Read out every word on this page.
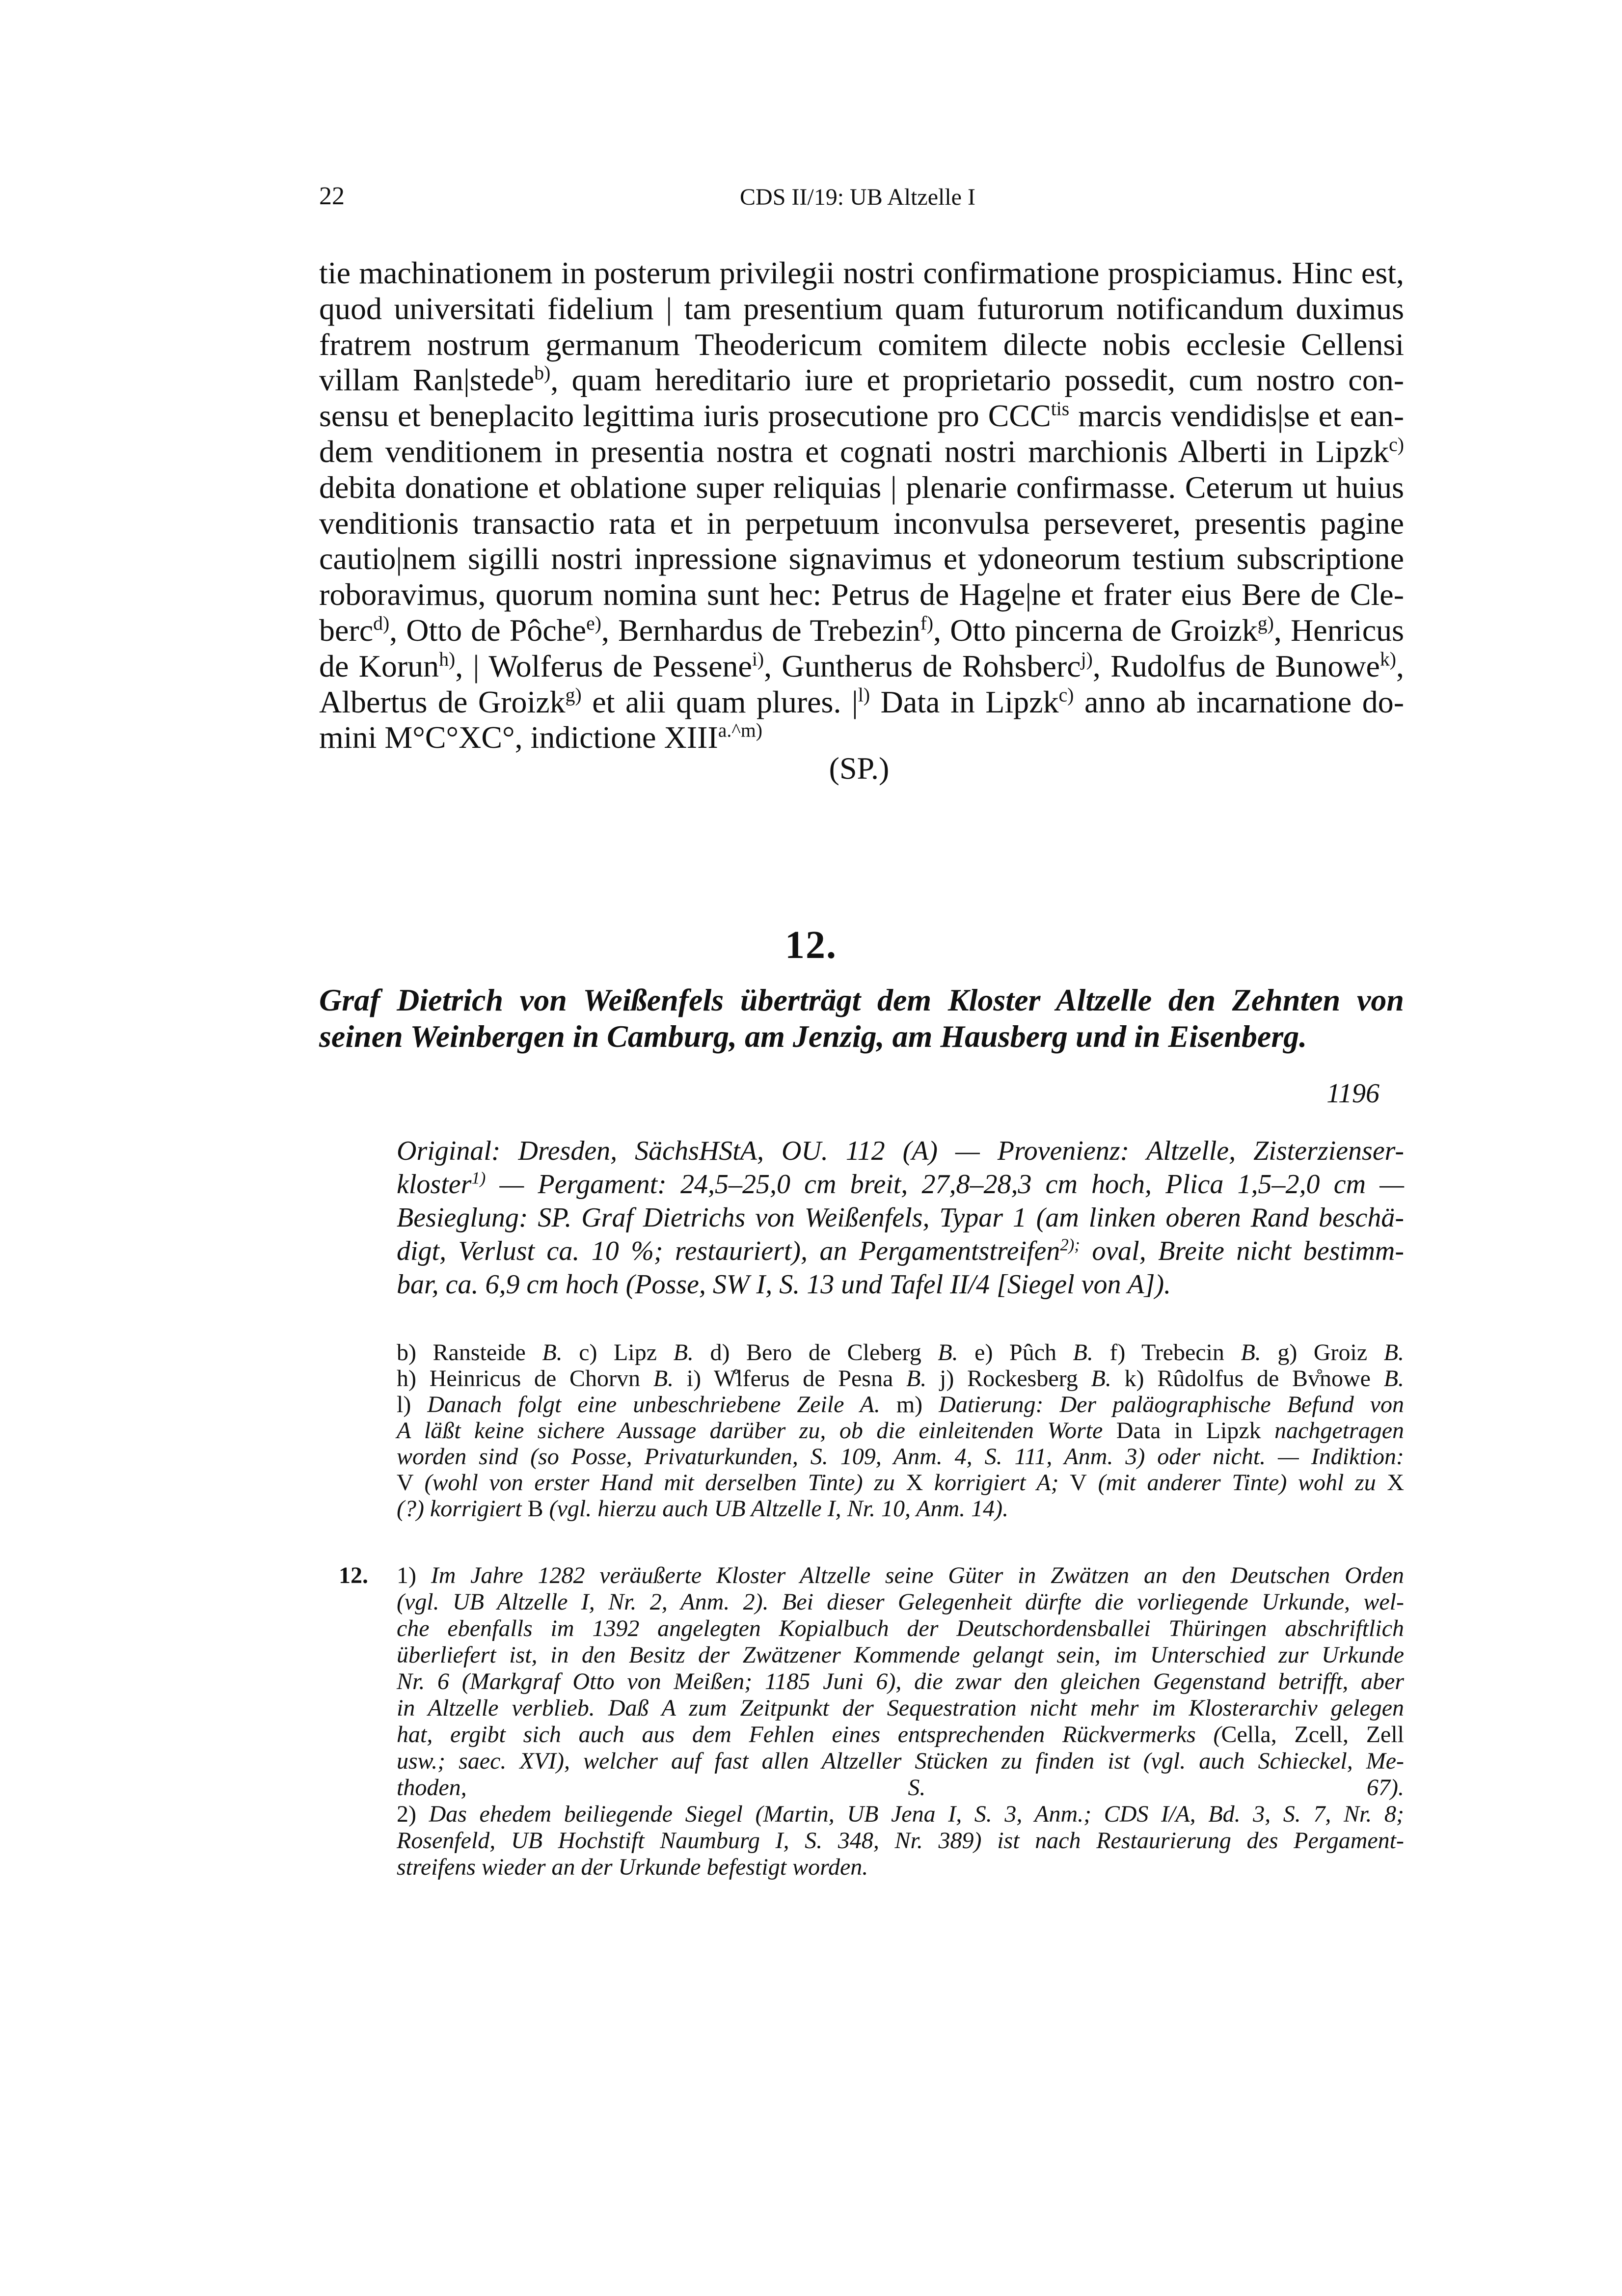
22	CDS II/19: UB Altzelle I
tie machinationem in posterum privilegii nostri confirmatione prospiciamus. Hinc est,
quod universitati fidelium | tam presentium quam futurorum notificandum duximus
fratrem nostrum germanum Theodericum comitem dilecte nobis ecclesie Cellensi
villam Ran|stede$^{b)}$, quam hereditario iure et proprietario possedit, cum nostro con-
sensu et beneplacito legittima iuris prosecutione pro $CCC^{tis}$ marcis vendidis|se et ean-
dem venditionem in presentia nostra et cognati nostri marchionis Alberti in Lipzk$^{c)}$
debita donatione et oblatione super reliquias | plenarie confirmasse. Ceterum ut huius
venditionis transactio rata et in perpetuum inconvulsa perseveret, presentis pagine
cautio|nem sigilli nostri inpressione signavimus et ydoneorum testium subscriptione
roboravimus, quorum nomina sunt hec: Petrus de Hage|ne et frater eius Bere de Cle-
berc$^{d)}$, Otto de Pôche$^{e)}$, Bernhardus de Trebezin$^{f)}$, Otto pincerna de Groizk$^{g)}$, Henricus
de Korun$^{h)}$, | Wolferus de Pessene$^{i)}$, Guntherus de Rohsberc$^{j)}$, Rudolfus de Bunowe$^{k)}$,
Albertus de Groizk$^{g)}$ et alii quam plures. $|^{l)}$ Data in Lipzk$^{c)}$ anno ab incarnatione do-
mini M°C°XC°, indictione $XIII^{a.\^{}m)}$
(SP.)
12.
Graf Dietrich von Weißenfels überträgt dem Kloster Altzelle den Zehnten von
seinen Weinbergen in Camburg, am Jenzig, am Hausberg und in Eisenberg.
1196
Original: Dresden, SächsHStA, OU. 112 (A) — Provenienz: Altzelle, Zisterzienser-
kloster$^{1)}$ — Pergament: 24,5–25,0 cm breit, 27,8–28,3 cm hoch, Plica 1,5–2,0 cm —
Besieglung: SP. Graf Dietrichs von Weißenfels, Typar 1 (am linken oberen Rand beschä-
digt, Verlust ca. 10 %; restauriert), an Pergamentstreifen$^{2);}$ oval, Breite nicht bestimm-
bar, ca. 6,9 cm hoch (Posse, SW I, S. 13 und Tafel II/4 [Siegel von A]).
b) Ransteide B. c) Lipz B. d) Bero de Cleberg B. e) Pûch B. f) Trebecin B. g) Groiz B.
h) Heinricus de Chorvn B. i) W̊lferus de Pesna B. j) Rockesberg B. k) Rûdolfus de Bv̊nowe B.
l) Danach folgt eine unbeschriebene Zeile A. m) Datierung: Der paläographische Befund von
A läßt keine sichere Aussage darüber zu, ob die einleitenden Worte Data in Lipzk nachgetragen
worden sind (so Posse, Privaturkunden, S. 109, Anm. 4, S. 111, Anm. 3) oder nicht. — Indiktion:
V (wohl von erster Hand mit derselben Tinte) zu X korrigiert A; V (mit anderer Tinte) wohl zu X
(?) korrigiert B (vgl. hierzu auch UB Altzelle I, Nr. 10, Anm. 14).
12. 1) Im Jahre 1282 veräußerte Kloster Altzelle seine Güter in Zwätzen an den Deutschen Orden
(vgl. UB Altzelle I, Nr. 2, Anm. 2). Bei dieser Gelegenheit dürfte die vorliegende Urkunde, wel-
che ebenfalls im 1392 angelegten Kopialbuch der Deutschordensballei Thüringen abschriftlich
überliefert ist, in den Besitz der Zwätzener Kommende gelangt sein, im Unterschied zur Urkunde
Nr. 6 (Markgraf Otto von Meißen; 1185 Juni 6), die zwar den gleichen Gegenstand betrifft, aber
in Altzelle verblieb. Daß A zum Zeitpunkt der Sequestration nicht mehr im Klosterarchiv gelegen
hat, ergibt sich auch aus dem Fehlen eines entsprechenden Rückvermerks (Cella, Zcell, Zell
usw.; saec. XVI), welcher auf fast allen Altzeller Stücken zu finden ist (vgl. auch Schieckel, Me-
thoden, S. 67).
2) Das ehedem beiliegende Siegel (Martin, UB Jena I, S. 3, Anm.; CDS I/A, Bd. 3, S. 7, Nr. 8;
Rosenfeld, UB Hochstift Naumburg I, S. 348, Nr. 389) ist nach Restaurierung des Pergament-
streifens wieder an der Urkunde befestigt worden.
